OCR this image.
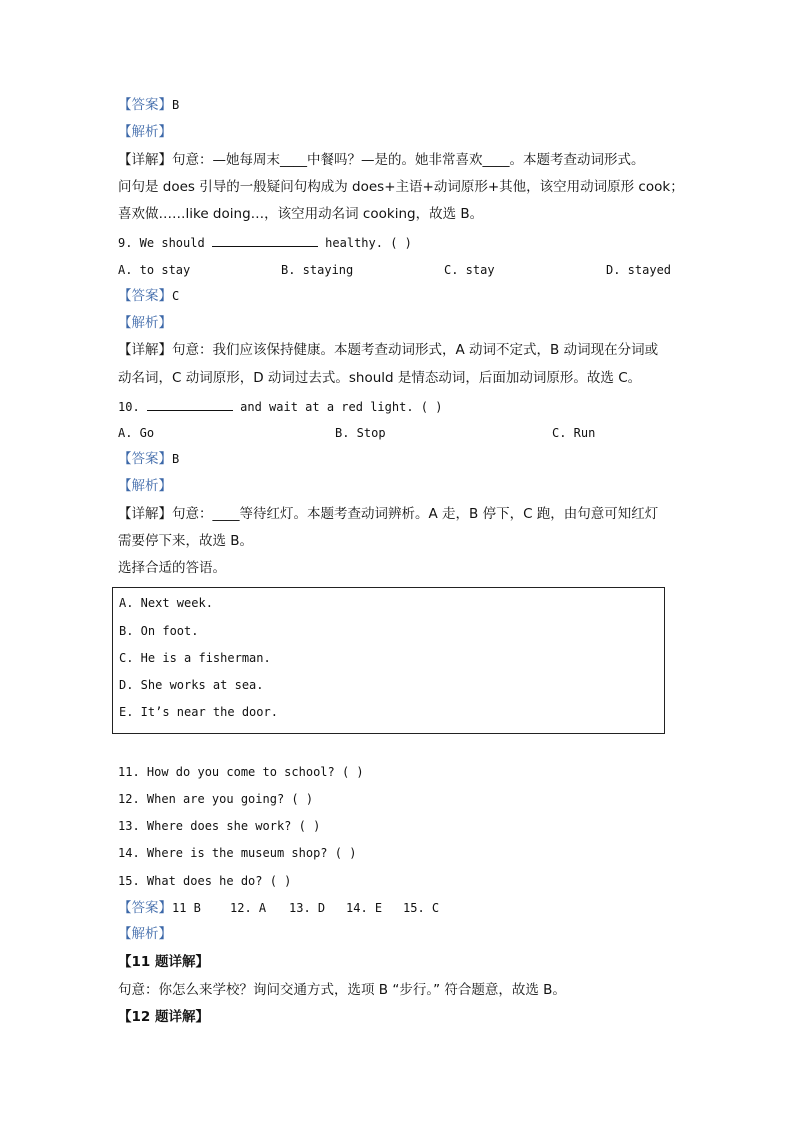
【答案】B
【解析】
【详解】句意：—她每周末____中餐吗？—是的。她非常喜欢____。本题考查动词形式。
问句是 does 引导的一般疑问句构成为 does+主语+动词原形+其他，该空用动词原形 cook；
喜欢做……like doing…，该空用动名词 cooking，故选 B。
9. We should	healthy. ( )
A. to stay	B. staying	C. stay	D. stayed
【答案】C
【解析】
【详解】句意：我们应该保持健康。本题考查动词形式，A 动词不定式，B 动词现在分词或
动名词，C 动词原形，D 动词过去式。should 是情态动词，后面加动词原形。故选 C。
10.	and wait at a red light. ( )
A. Go	B. Stop	C. Run
【答案】B
【解析】
【详解】句意：____等待红灯。本题考查动词辨析。A 走，B 停下，C 跑，由句意可知红灯
需要停下来，故选 B。
选择合适的答语。
A. Next week.
B. On foot.
C. He is a fisherman.
D. She works at sea.
E. It’s near the door.
11. How do you come to school? ( )
12. When are you going? ( )
13. Where does she work? ( )
14. Where is the museum shop? ( )
15. What does he do? ( )
【答案】11 B 12. A 13. D 14. E 15. C
【解析】
【11 题详解】
句意：你怎么来学校？询问交通方式，选项 B “步行。” 符合题意，故选 B。
【12 题详解】
